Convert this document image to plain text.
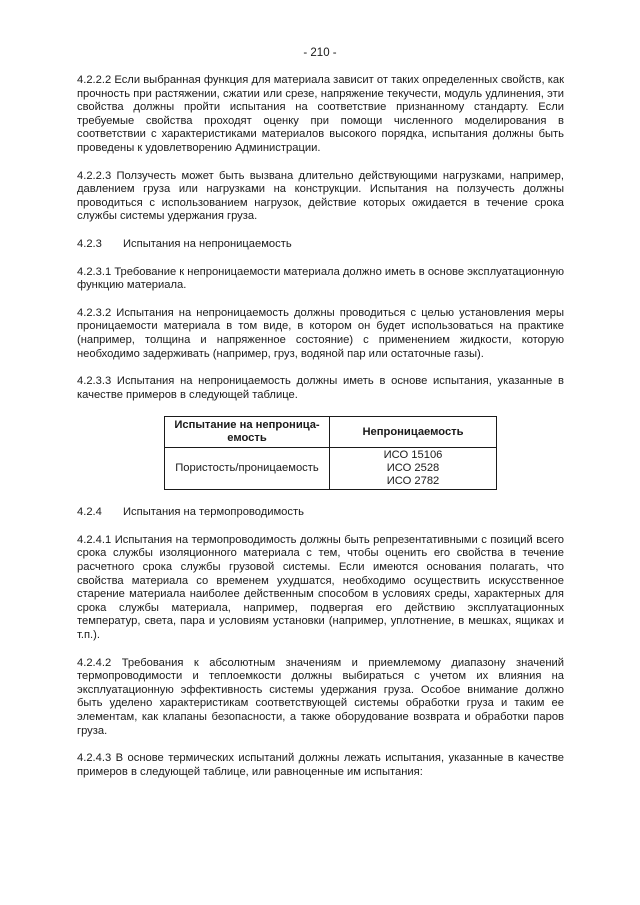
- 210 -

4.2.2.2 Если выбранная функция для материала зависит от таких определенных свойств, как прочность при растяжении, сжатии или срезе, напряжение текучести, модуль удлинения, эти свойства должны пройти испытания на соответствие признанному стандарту. Если требуемые свойства проходят оценку при помощи численного моделирования в соответствии с характеристиками материалов высокого порядка, испытания должны быть проведены к удовлетворению Администрации.

4.2.2.3 Ползучесть может быть вызвана длительно действующими нагрузками, например, давлением груза или нагрузками на конструкции. Испытания на ползучесть должны проводиться с использованием нагрузок, действие которых ожидается в течение срока службы системы удержания груза.

4.2.3 Испытания на непроницаемость

4.2.3.1 Требование к непроницаемости материала должно иметь в основе эксплуатационную функцию материала.

4.2.3.2 Испытания на непроницаемость должны проводиться с целью установления меры проницаемости материала в том виде, в котором он будет использоваться на практике (например, толщина и напряженное состояние) с применением жидкости, которую необходимо задерживать (например, груз, водяной пар или остаточные газы).

4.2.3.3 Испытания на непроницаемость должны иметь в основе испытания, указанные в качестве примеров в следующей таблице.

Испытание на непроница-емость	Непроницаемость
Пористость/проницаемость	ИСО 15106
ИСО 2528
ИСО 2782
4.2.4 Испытания на термопроводимость

4.2.4.1 Испытания на термопроводимость должны быть репрезентативными с позиций всего срока службы изоляционного материала с тем, чтобы оценить его свойства в течение расчетного срока службы грузовой системы. Если имеются основания полагать, что свойства материала со временем ухудшатся, необходимо осуществить искусственное старение материала наиболее действенным способом в условиях среды, характерных для срока службы материала, например, подвергая его действию эксплуатационных температур, света, пара и условиям установки (например, уплотнение, в мешках, ящиках и т.п.).

4.2.4.2 Требования к абсолютным значениям и приемлемому диапазону значений термопроводимости и теплоемкости должны выбираться с учетом их влияния на эксплуатационную эффективность системы удержания груза. Особое внимание должно быть уделено характеристикам соответствующей системы обработки груза и таким ее элементам, как клапаны безопасности, а также оборудование возврата и обработки паров груза.

4.2.4.3 В основе термических испытаний должны лежать испытания, указанные в качестве примеров в следующей таблице, или равноценные им испытания:
